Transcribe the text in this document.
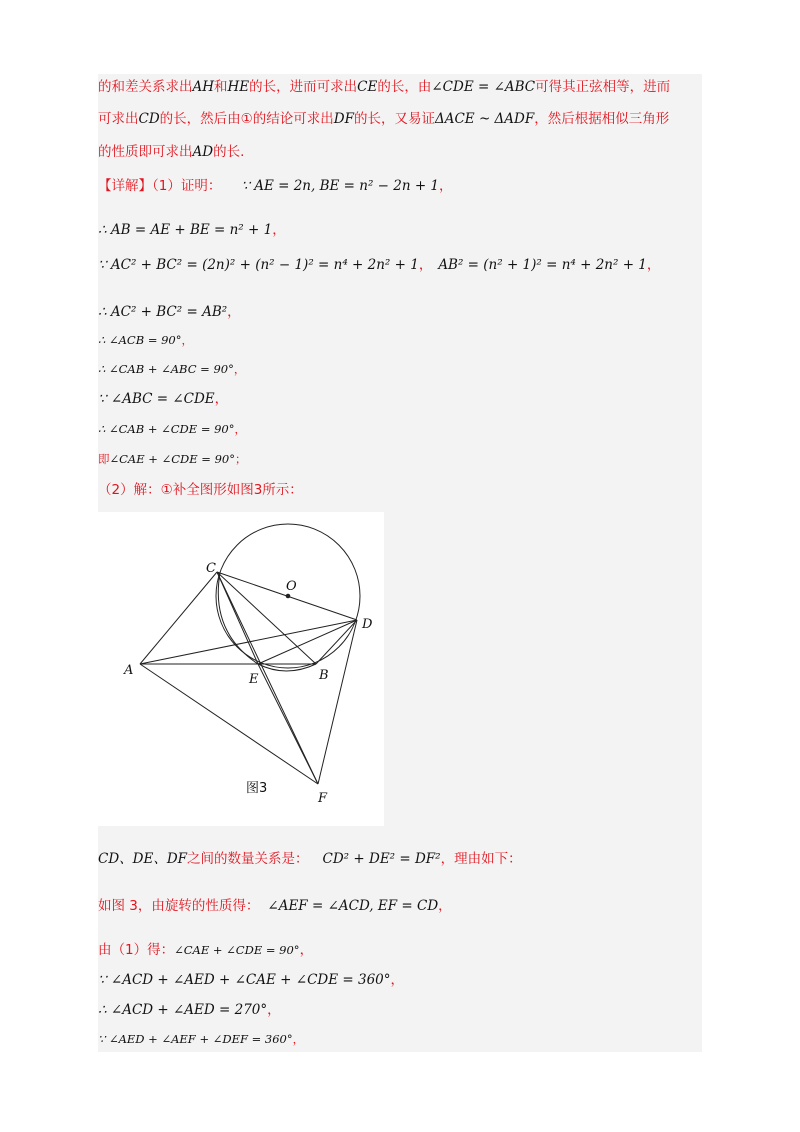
的和差关系求出AH和HE的长，进而可求出CE的长，由∠CDE = ∠ABC可得其正弦相等，进而
可求出CD的长，然后由①的结论可求出DF的长，又易证ΔACE ~ ΔADF，然后根据相似三角形
的性质即可求出AD的长.
【详解】（1）证明： ∵ AE = 2n, BE = n² − 2n + 1，
∴ AB = AE + BE = n² + 1，
∵ AC² + BC² = (2n)² + (n² − 1)² = n⁴ + 2n² + 1， AB² = (n² + 1)² = n⁴ + 2n² + 1，
∴ AC² + BC² = AB²，
∴ ∠ACB = 90°，
∴ ∠CAB + ∠ABC = 90°，
∵ ∠ABC = ∠CDE，
∴ ∠CAB + ∠CDE = 90°，
即∠CAE + ∠CDE = 90°；
（2）解：①补全图形如图3所示：
C
O
D
A
E	B
F
图3
CD、DE、DF之间的数量关系是： CD² + DE² = DF²，理由如下：
如图 3，由旋转的性质得： ∠AEF = ∠ACD, EF = CD，
由（1）得：∠CAE + ∠CDE = 90°，
∵ ∠ACD + ∠AED + ∠CAE + ∠CDE = 360°，
∴ ∠ACD + ∠AED = 270°，
∵ ∠AED + ∠AEF + ∠DEF = 360°，
